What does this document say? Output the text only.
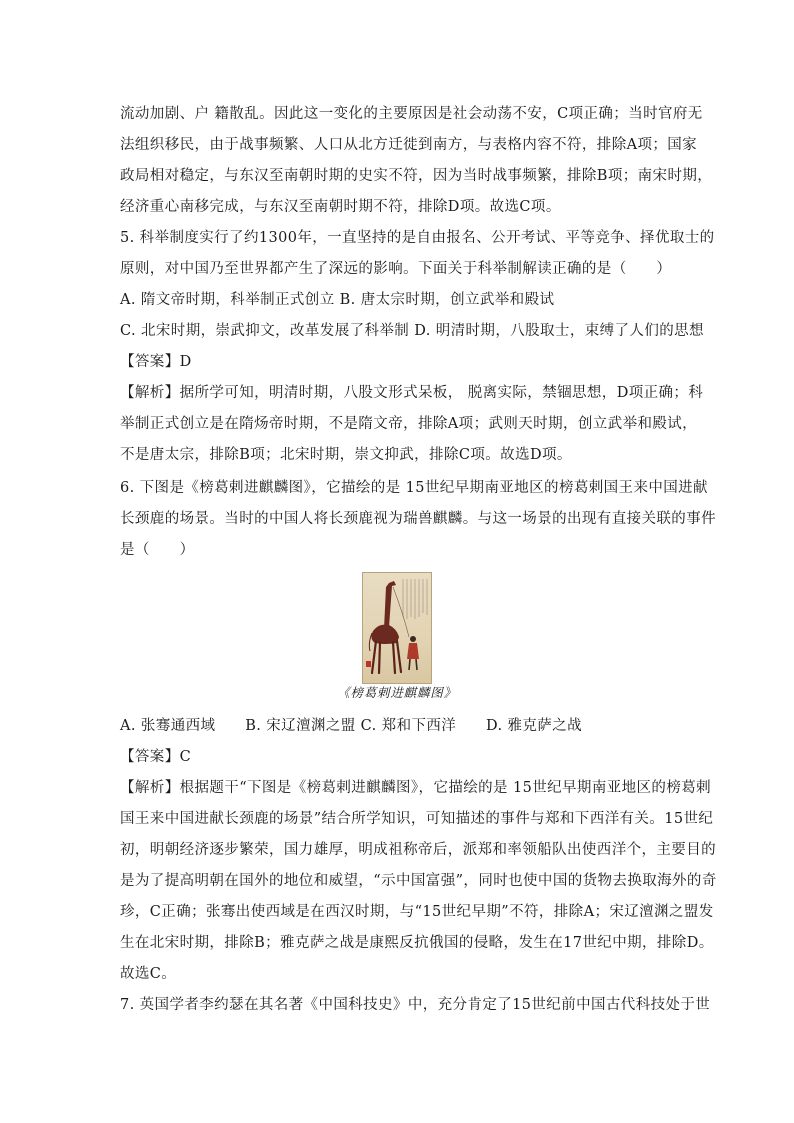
流动加剧、户 籍散乱。因此这一变化的主要原因是社会动荡不安，C项正确；当时官府无
法组织移民，由于战事频繁、人口从北方迁徙到南方，与表格内容不符，排除A项；国家
政局相对稳定，与东汉至南朝时期的史实不符，因为当时战事频繁，排除B项；南宋时期，
经济重心南移完成，与东汉至南朝时期不符，排除D项。故选C项。
5. 科举制度实行了约1300年，一直坚持的是自由报名、公开考试、平等竞争、择优取士的
原则，对中国乃至世界都产生了深远的影响。下面关于科举制解读正确的是（　　）
A. 隋文帝时期，科举制正式创立 B. 唐太宗时期，创立武举和殿试
C. 北宋时期，崇武抑文，改革发展了科举制 D. 明清时期，八股取士，束缚了人们的思想
【答案】D
【解析】据所学可知，明清时期，八股文形式呆板， 脱离实际，禁锢思想，D项正确；科
举制正式创立是在隋炀帝时期，不是隋文帝，排除A项；武则天时期，创立武举和殿试，
不是唐太宗，排除B项；北宋时期，崇文抑武，排除C项。故选D项。
6. 下图是《榜葛剌进麒麟图》，它描绘的是 15世纪早期南亚地区的榜葛剌国王来中国进献
长颈鹿的场景。当时的中国人将长颈鹿视为瑞兽麒麟。与这一场景的出现有直接关联的事件
是（　　）
《榜葛剌进麒麟图》
A. 张骞通西域　　B. 宋辽澶渊之盟 C. 郑和下西洋　　D. 雅克萨之战
【答案】C
【解析】根据题干“下图是《榜葛剌进麒麟图》，它描绘的是 15世纪早期南亚地区的榜葛剌
国王来中国进献长颈鹿的场景”结合所学知识，可知描述的事件与郑和下西洋有关。15世纪
初，明朝经济逐步繁荣，国力雄厚，明成祖称帝后，派郑和率领船队出使西洋个，主要目的
是为了提高明朝在国外的地位和威望，“示中国富强”，同时也使中国的货物去换取海外的奇
珍，C正确；张骞出使西域是在西汉时期，与“15世纪早期”不符，排除A；宋辽澶渊之盟发
生在北宋时期，排除B；雅克萨之战是康熙反抗俄国的侵略，发生在17世纪中期，排除D。
故选C。
7. 英国学者李约瑟在其名著《中国科技史》中，充分肯定了15世纪前中国古代科技处于世
